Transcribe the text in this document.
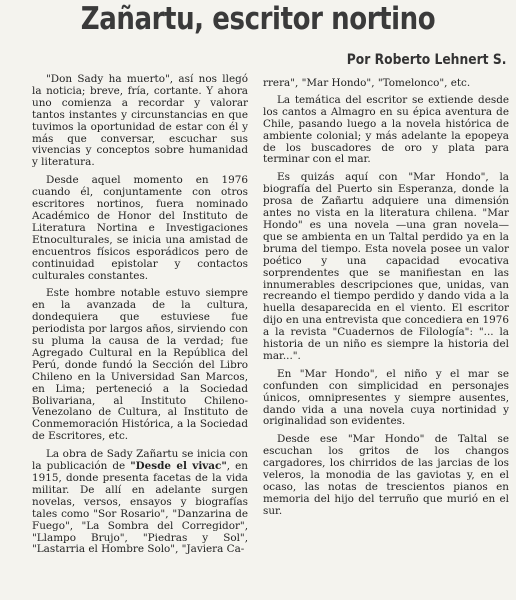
Zañartu, escritor nortino

Por Roberto Lehnert S.

"Don Sady ha muerto", así nos llegó la noticia; breve, fría, cortante. Y ahora uno comienza a recordar y valorar tantos instantes y circunstancias en que tuvimos la oportunidad de estar con él y más que conversar, escuchar sus vivencias y conceptos sobre humanidad y literatura.

Desde aquel momento en 1976 cuando él, conjuntamente con otros escritores nortinos, fuera nominado Académico de Honor del Instituto de Literatura Nortina e Investigaciones Etnoculturales, se inicia una amistad de encuentros físicos esporádicos pero de continuidad epistolar y contactos culturales constantes.

Este hombre notable estuvo siempre en la avanzada de la cultura, dondequiera que estuviese fue periodista por largos años, sirviendo con su pluma la causa de la verdad; fue Agregado Cultural en la República del Perú, donde fundó la Sección del Libro Chileno en la Universidad San Marcos, en Lima; perteneció a la Sociedad Bolivariana, al Instituto Chileno-Venezolano de Cultura, al Instituto de Conmemoración Histórica, a la Sociedad de Escritores, etc.

La obra de Sady Zañartu se inicia con la publicación de "Desde el vivac", en 1915, donde presenta facetas de la vida militar. De allí en adelante surgen novelas, versos, ensayos y biografías tales como "Sor Rosario", "Danzarina de Fuego", "La Sombra del Corregidor", "Llampo Brujo", "Piedras y Sol", "Lastarria el Hombre Solo", "Javiera Ca-

rrera", "Mar Hondo", "Tomelonco", etc.

La temática del escritor se extiende desde los cantos a Almagro en su épica aventura de Chile, pasando luego a la novela histórica de ambiente colonial; y más adelante la epopeya de los buscadores de oro y plata para terminar con el mar.

Es quizás aquí con "Mar Hondo", la biografía del Puerto sin Esperanza, donde la prosa de Zañartu adquiere una dimensión antes no vista en la literatura chilena. "Mar Hondo" es una novela —una gran novela— que se ambienta en un Taltal perdido ya en la bruma del tiempo. Esta novela posee un valor poético y una capacidad evocativa sorprendentes que se manifiestan en las innumerables descripciones que, unidas, van recreando el tiempo perdido y dando vida a la huella desaparecida en el viento. El escritor dijo en una entrevista que concediera en 1976 a la revista "Cuadernos de Filología": "... la historia de un niño es siempre la historia del mar...".

En "Mar Hondo", el niño y el mar se confunden con simplicidad en personajes únicos, omnipresentes y siempre ausentes, dando vida a una novela cuya nortinidad y originalidad son evidentes.

Desde ese "Mar Hondo" de Taltal se escuchan los gritos de los changos cargadores, los chirridos de las jarcias de los veleros, la monodia de las gaviotas y, en el ocaso, las notas de trescientos pianos en memoria del hijo del terruño que murió en el sur.
